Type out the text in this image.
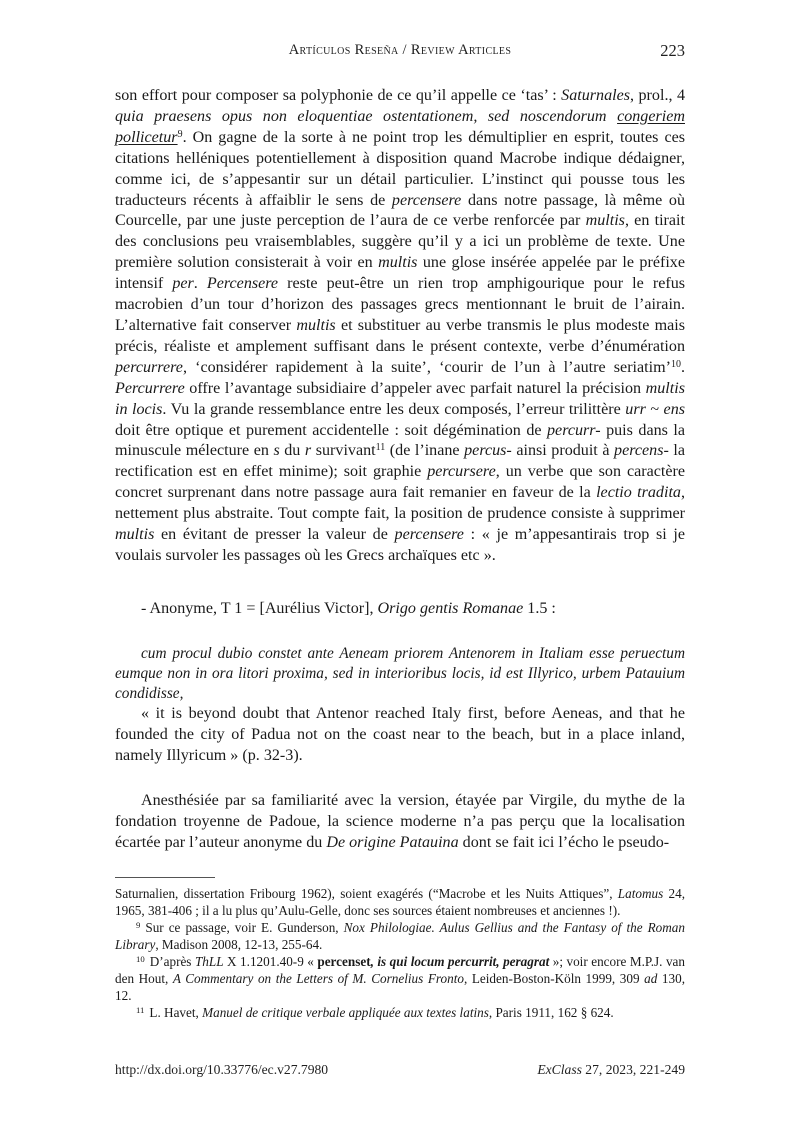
Artículos Reseña / Review Articles	223

son effort pour composer sa polyphonie de ce qu’il appelle ce ‘tas’ : Saturnales, prol., 4 quia praesens opus non eloquentiae ostentationem, sed noscendorum congeriem pollicetur$^9$. On gagne de la sorte à ne point trop les démultiplier en esprit, toutes ces citations helléniques potentiellement à disposition quand Macrobe indique dédaigner, comme ici, de s’appesantir sur un détail particulier. L’instinct qui pousse tous les traducteurs récents à affaiblir le sens de percensere dans notre passage, là même où Courcelle, par une juste perception de l’aura de ce verbe renforcée par multis, en tirait des conclusions peu vraisemblables, suggère qu’il y a ici un problème de texte. Une première solution consisterait à voir en multis une glose insérée appelée par le préfixe intensif per. Percensere reste peut-être un rien trop amphigourique pour le refus macrobien d’un tour d’horizon des passages grecs mentionnant le bruit de l’airain. L’alternative fait conserver multis et substituer au verbe transmis le plus modeste mais précis, réaliste et amplement suffisant dans le présent contexte, verbe d’énumération percurrere, ‘considérer rapidement à la suite’, ‘courir de l’un à l’autre seriatim’$^{10}$. Percurrere offre l’avantage subsidiaire d’appeler avec parfait naturel la précision multis in locis. Vu la grande ressemblance entre les deux composés, l’erreur trilittère urr ~ ens doit être optique et purement accidentelle : soit dégémination de percurr- puis dans la minuscule mélecture en s du r survivant$^{11}$ (de l’inane percus- ainsi produit à percens- la rectification est en effet minime); soit graphie percursere, un verbe que son caractère concret surprenant dans notre passage aura fait remanier en faveur de la lectio tradita, nettement plus abstraite. Tout compte fait, la position de prudence consiste à supprimer multis en évitant de presser la valeur de percensere : « je m’appesantirais trop si je voulais survoler les passages où les Grecs archaïques etc ».

- Anonyme, T 1 = [Aurélius Victor], Origo gentis Romanae 1.5 :

cum procul dubio constet ante Aeneam priorem Antenorem in Italiam esse peruectum eumque non in ora litori proxima, sed in interioribus locis, id est Illyrico, urbem Patauium condidisse,

« it is beyond doubt that Antenor reached Italy first, before Aeneas, and that he founded the city of Padua not on the coast near to the beach, but in a place inland, namely Illyricum » (p. 32-3).

Anesthésiée par sa familiarité avec la version, étayée par Virgile, du mythe de la fondation troyenne de Padoue, la science moderne n’a pas perçu que la localisation écartée par l’auteur anonyme du De origine Patauina dont se fait ici l’écho le pseudo-

Saturnalien, dissertation Fribourg 1962), soient exagérés (“Macrobe et les Nuits Attiques”, Latomus 24, 1965, 381-406 ; il a lu plus qu’Aulu-Gelle, donc ses sources étaient nombreuses et anciennes !).

$^9$ Sur ce passage, voir E. Gunderson, Nox Philologiae. Aulus Gellius and the Fantasy of the Roman Library, Madison 2008, 12-13, 255-64.

$^{10}$ D’après ThLL X 1.1201.40-9 « percenset, is qui locum percurrit, peragrat »; voir encore M.P.J. van den Hout, A Commentary on the Letters of M. Cornelius Fronto, Leiden-Boston-Köln 1999, 309 ad 130, 12.

$^{11}$ L. Havet, Manuel de critique verbale appliquée aux textes latins, Paris 1911, 162 § 624.

http://dx.doi.org/10.33776/ec.v27.7980	ExClass 27, 2023, 221-249
